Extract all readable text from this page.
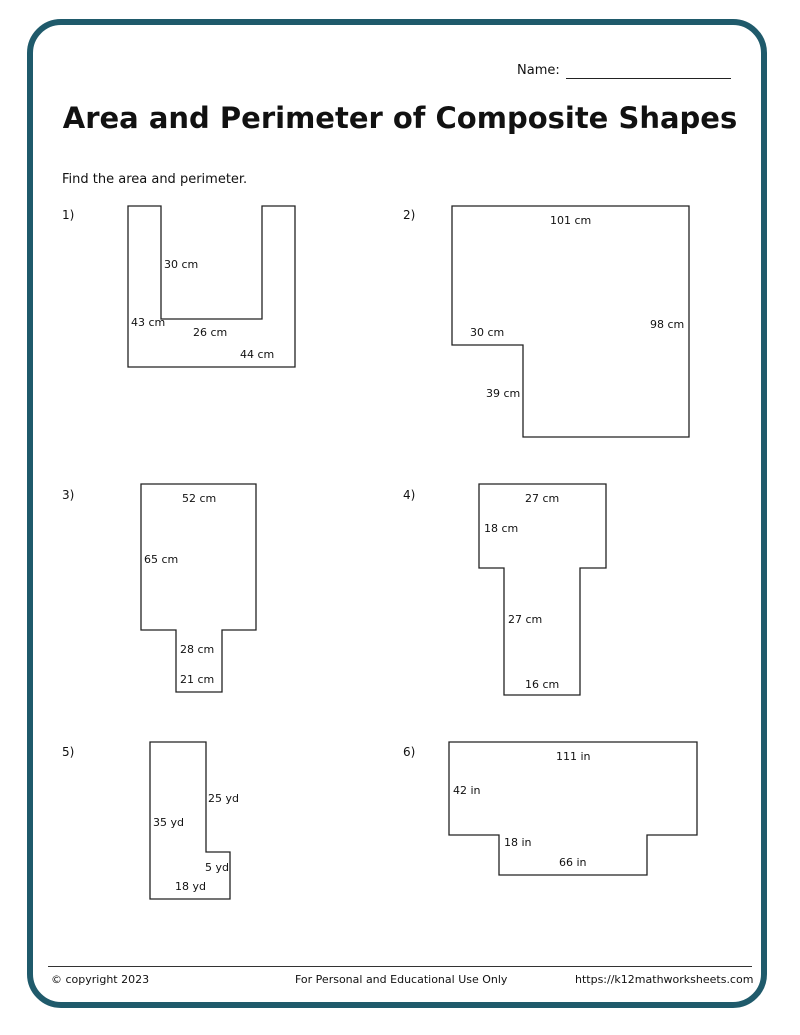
Name:
Area and Perimeter of Composite Shapes
Find the area and perimeter.
1)	2)
3)	4)
5)	6)
30 cm
43 cm
26 cm
44 cm
101 cm
30 cm
98 cm
39 cm
52 cm
65 cm
28 cm
21 cm
27 cm
18 cm
27 cm
16 cm
25 yd
35 yd
5 yd
18 yd
111 in
42 in
18 in
66 in
© copyright 2023	For Personal and Educational Use Only	https://k12mathworksheets.com
